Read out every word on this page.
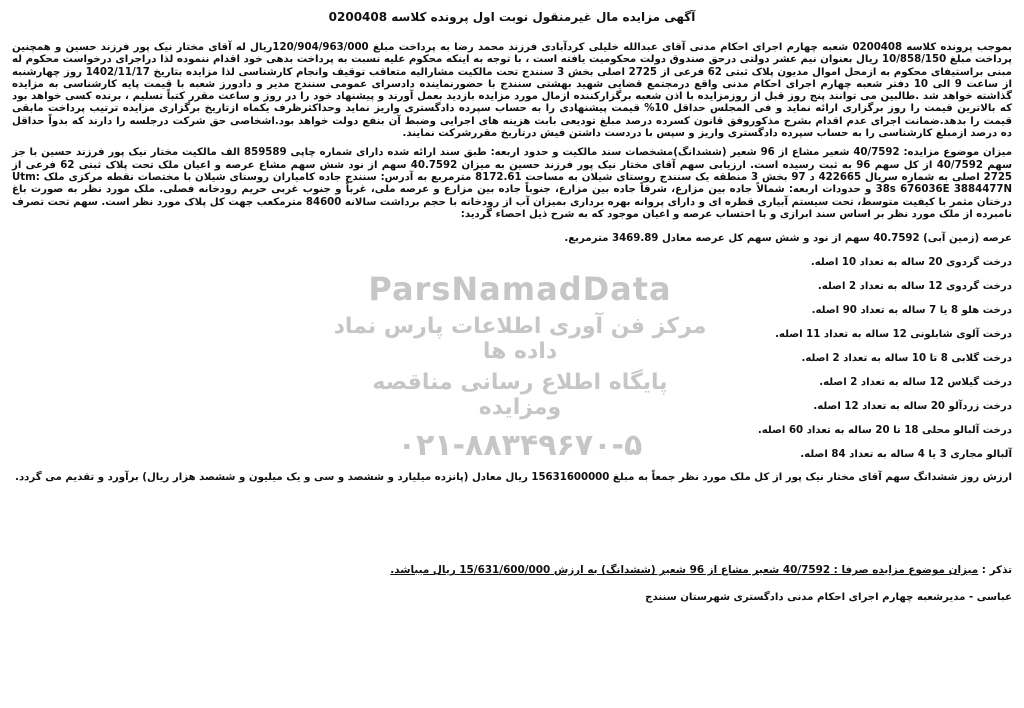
آگهی مزایده مال غیرمنقول نوبت اول پرونده کلاسه 0200408

بموجب پرونده کلاسه 0200408 شعبه چهارم اجرای احکام مدنی آقای عبدالله خلیلی کردآبادی فرزند محمد رضا به پرداخت مبلغ 120/904/963/000ریال له آقای مختار نیک پور فرزند حسین و همچنین پرداخت مبلغ 10/858/150 ریال بعنوان نیم عشر دولتی درحق صندوق دولت محکومیت یافته است ، با توجه به اینکه محکوم علیه نسبت به پرداخت بدهی خود اقدام ننموده لذا دراجرای درخواست محکوم له مبنی براستیفای محکوم به ازمحل اموال مدیون پلاک ثبتی 62 فرعی از 2725 اصلی بخش 3 سنندج تحت مالکیت مشارالیه متعاقب توقیف وانجام کارشناسی لذا مزایده بتاریخ 1402/11/17 روز چهارشنبه از ساعت 9 الی 10 دفتر شعبه چهارم اجرای احکام مدنی واقع درمجتمع قضایی شهید بهشتی سنندج با حضورنماینده دادسرای عمومی سنندج مدیر و دادورز شعبه با قیمت پایه کارشناسی به مزایده گذاشته خواهد شد .طالبین می توانند پنج روز قبل از روزمزایده با اذن شعبه برگزارکننده ازمال مورد مزایده بازدید بعمل آورند و پیشنهاد خود را در روز و ساعت مقرر کتباً تسلیم ، برنده کسی خواهد بود که بالاترین قیمت را روز برگزاری ارائه نماید و فی المجلس حداقل 10% قیمت پیشنهادی را به حساب سپرده دادگستری واریز نماید وحداکثرظرف یکماه ازتاریخ برگزاری مزایده ترتیب پرداخت مابقی قیمت را بدهد.ضمانت اجرای عدم اقدام بشرح مذکوروفق قانون کسرده درصد مبلغ تودیعی بابت هزینه های اجرایی وضبط آن بنفع دولت خواهد بود.اشخاصی حق شرکت درجلسه را دارند که بدواً حداقل ده درصد ازمبلغ کارشناسی را به حساب سپرده دادگستری واریز و سپس با دردست داشتن فیش درتاریخ مقررشرکت نمایند.

میزان موضوع مزایده: 40/7592 شعیر مشاع از 96 شعیر (ششدانگ)مشخصات سند مالکیت و حدود اربعه: طبق سند ارائه شده دارای شماره چاپی 859589 الف مالکیت مختار نیک پور فرزند حسین با جز سهم 40/7592 از کل سهم 96 به ثبت رسیده است. ارزیابی سهم آقای مختار نیک پور فرزند حسین به میزان 40.7592 سهم از نود شش سهم مشاع عرصه و اعیان ملک تحت پلاک ثبتی 62 فرعی از 2725 اصلی به شماره سریال 422665 د 97 بخش 3 منطقه یک سنندج روستای شیلان به مساحت 8172.61 مترمربع به آدرس: سنندج جاده کامیاران روستای شیلان با مختصات نقطه مرکزی ملک Utm: 38s 676036E 3884477N و حدودات اربعه: شمالاً جاده بین مزارع، شرقاً جاده بین مزارع، جنوباً جاده بین مزارع و عرصه ملی، غرباً و جنوب غربی حریم رودخانه فصلی. ملک مورد نظر به صورت باغ درختان مثمر با کیفیت متوسط، تحت سیستم آبیاری قطره ای و دارای پروانه بهره برداری بمیزان آب از رودخانه با حجم برداشت سالانه 84600 مترمکعب جهت کل پلاک مورد نظر است. سهم تحت تصرف نامبرده از ملک مورد نظر بر اساس سند ابرازی و با احتساب عرصه و اعیان موجود که به شرح ذیل احصاء گردید:

عرصه (زمین آبی) 40.7592 سهم از نود و شش سهم کل عرصه معادل 3469.89 مترمربع.

درخت گردوی 20 ساله به تعداد 10 اصله.

درخت گردوی 12 ساله به تعداد 2 اصله.

درخت هلو 8 یا 7 ساله به تعداد 90 اصله.

درخت آلوی شابلونی 12 ساله به تعداد 11 اصله.

درخت گلابی 8 تا 10 ساله به تعداد 2 اصله.

درخت گیلاس 12 ساله به تعداد 2 اصله.

درخت زردآلو 20 ساله به تعداد 12 اصله.

درخت آلبالو محلی 18 تا 20 ساله به تعداد 60 اصله.

آلبالو مجاری 3 یا 4 ساله به تعداد 84 اصله.

ارزش روز ششدانگ سهم آقای مختار نیک پور از کل ملک مورد نظر جمعاً به مبلغ 15631600000 ریال معادل (پانزده میلیارد و ششصد و سی و یک میلیون و ششصد هزار ریال) برآورد و تقدیم می گردد.

تذکر : میزان موضوع مزایده صرفا : 40/7592 شعیر مشاع از 96 شعیر (ششدانگ) به ارزش 15/631/600/000 ریال میباشد.

عباسی - مدیرشعبه چهارم اجرای احکام مدنی دادگستری شهرستان سنندج

ParsNamadData
مرکز فن آوری اطلاعات پارس نماد داده ها
پایگاه اطلاع رسانی مناقصه ومزایده
۰۲۱-۸۸۳۴۹۶۷۰-۵
